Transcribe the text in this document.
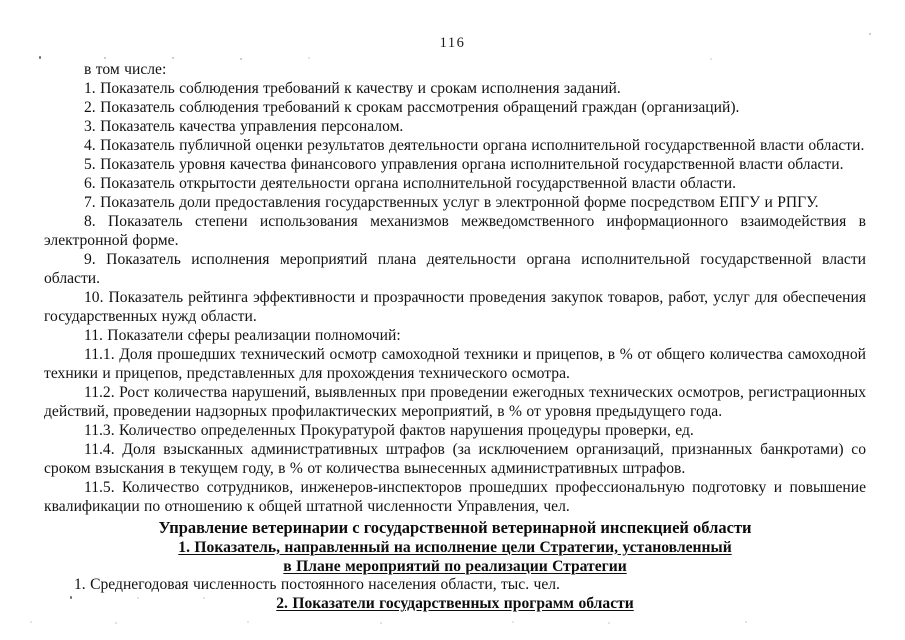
116

в том числе:

1. Показатель соблюдения требований к качеству и срокам исполнения заданий.

2. Показатель соблюдения требований к срокам рассмотрения обращений граждан (организаций).

3. Показатель качества управления персоналом.

4. Показатель публичной оценки результатов деятельности органа исполнительной государственной власти области.

5. Показатель уровня качества финансового управления органа исполнительной государственной власти области.

6. Показатель открытости деятельности органа исполнительной государственной власти области.

7. Показатель доли предоставления государственных услуг в электронной форме посредством ЕПГУ и РПГУ.

8. Показатель степени использования механизмов межведомственного информационного взаимодействия в электронной форме.

9. Показатель исполнения мероприятий плана деятельности органа исполнительной государственной власти области.

10. Показатель рейтинга эффективности и прозрачности проведения закупок товаров, работ, услуг для обеспечения государственных нужд области.

11. Показатели сферы реализации полномочий:

11.1. Доля прошедших технический осмотр самоходной техники и прицепов, в % от общего количества самоходной техники и прицепов, представленных для прохождения технического осмотра.

11.2. Рост количества нарушений, выявленных при проведении ежегодных технических осмотров, регистрационных действий, проведении надзорных профилактических мероприятий, в % от уровня предыдущего года.

11.3. Количество определенных Прокуратурой фактов нарушения процедуры проверки, ед.

11.4. Доля взысканных административных штрафов (за исключением организаций, признанных банкротами) со сроком взыскания в текущем году, в % от количества вынесенных административных штрафов.

11.5. Количество сотрудников, инженеров-инспекторов прошедших профессиональную подготовку и повышение квалификации по отношению к общей штатной численности Управления, чел.

Управление ветеринарии с государственной ветеринарной инспекцией области

1. Показатель, направленный на исполнение цели Стратегии, установленный

в Плане мероприятий по реализации Стратегии

1. Среднегодовая численность постоянного населения области, тыс. чел.

2. Показатели государственных программ области
